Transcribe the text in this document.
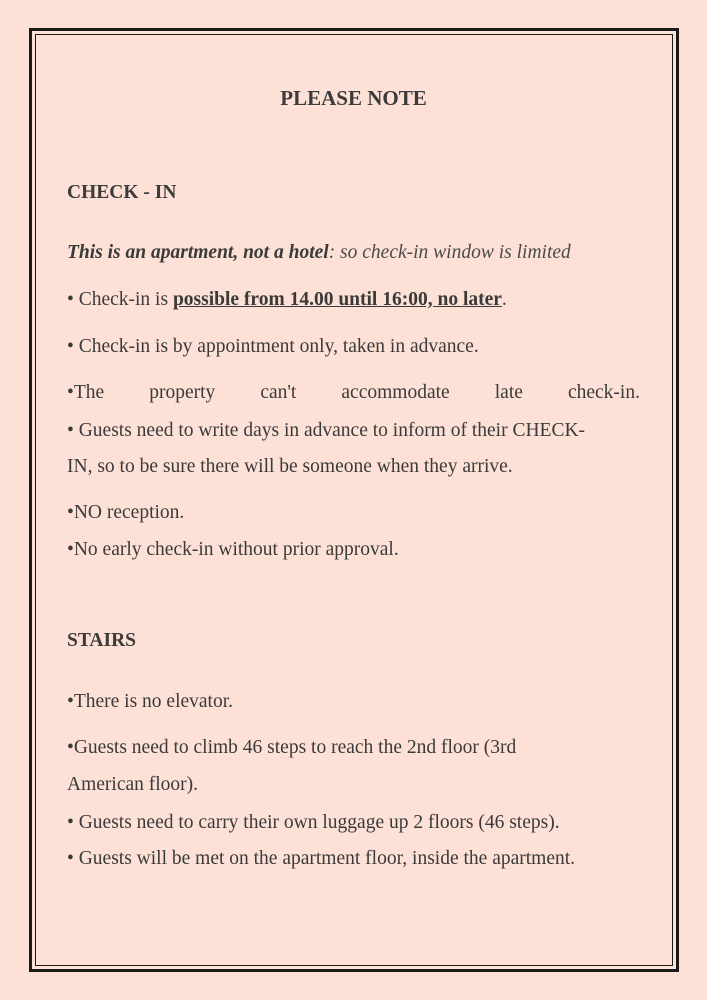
PLEASE NOTE
CHECK - IN

This is an apartment, not a hotel: so check-in window is limited

• Check-in is possible from 14.00 until 16:00, no later.

• Check-in is by appointment only, taken in advance.

•The property can't accommodate late check-in.

• Guests need to write days in advance to inform of their CHECK-

IN, so to be sure there will be someone when they arrive.

•NO reception.

•No early check-in without prior approval.

STAIRS

•There is no elevator.

•Guests need to climb 46 steps to reach the 2nd floor (3rd

American floor).

• Guests need to carry their own luggage up 2 floors (46 steps).

• Guests will be met on the apartment floor, inside the apartment.
